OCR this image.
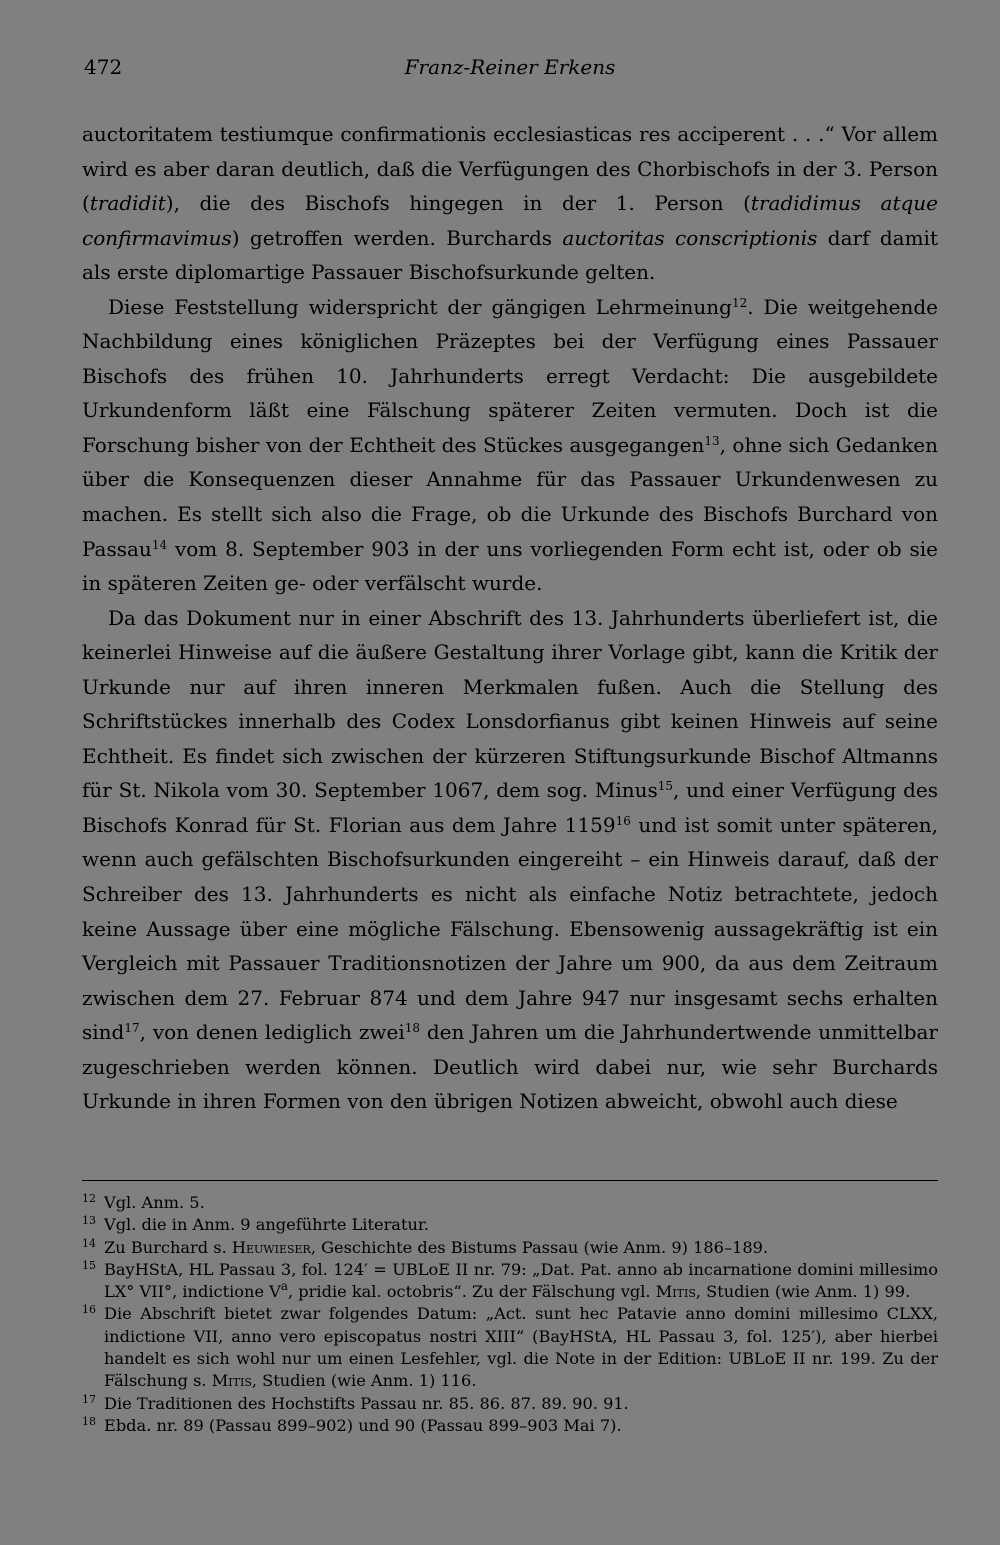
472	Franz-Reiner Erkens

auctoritatem testiumque confirmationis ecclesiasticas res acciperent . . .“ Vor allem wird es aber daran deutlich, daß die Verfügungen des Chorbischofs in der 3. Person (tradidit), die des Bischofs hingegen in der 1. Person (tradidimus atque confirmavimus) getroffen werden. Burchards auctoritas conscriptionis darf damit als erste diplomartige Passauer Bischofsurkunde gelten.

Diese Feststellung widerspricht der gängigen Lehrmeinung$^{12}$. Die weitgehende Nachbildung eines königlichen Präzeptes bei der Verfügung eines Passauer Bischofs des frühen 10. Jahrhunderts erregt Verdacht: Die ausgebildete Urkundenform läßt eine Fälschung späterer Zeiten vermuten. Doch ist die Forschung bisher von der Echtheit des Stückes ausgegangen$^{13}$, ohne sich Gedanken über die Konsequenzen dieser Annahme für das Passauer Urkundenwesen zu machen. Es stellt sich also die Frage, ob die Urkunde des Bischofs Burchard von Passau$^{14}$ vom 8. September 903 in der uns vorliegenden Form echt ist, oder ob sie in späteren Zeiten ge- oder verfälscht wurde.

Da das Dokument nur in einer Abschrift des 13. Jahrhunderts überliefert ist, die keinerlei Hinweise auf die äußere Gestaltung ihrer Vorlage gibt, kann die Kritik der Urkunde nur auf ihren inneren Merkmalen fußen. Auch die Stellung des Schriftstückes innerhalb des Codex Lonsdorfianus gibt keinen Hinweis auf seine Echtheit. Es findet sich zwischen der kürzeren Stiftungsurkunde Bischof Altmanns für St. Nikola vom 30. September 1067, dem sog. Minus$^{15}$, und einer Verfügung des Bischofs Konrad für St. Florian aus dem Jahre 1159$^{16}$ und ist somit unter späteren, wenn auch gefälschten Bischofsurkunden eingereiht – ein Hinweis darauf, daß der Schreiber des 13. Jahrhunderts es nicht als einfache Notiz betrachtete, jedoch keine Aussage über eine mögliche Fälschung. Ebensowenig aussagekräftig ist ein Vergleich mit Passauer Traditionsnotizen der Jahre um 900, da aus dem Zeitraum zwischen dem 27. Februar 874 und dem Jahre 947 nur insgesamt sechs erhalten sind$^{17}$, von denen lediglich zwei$^{18}$ den Jahren um die Jahrhundertwende unmittelbar zugeschrieben werden können. Deutlich wird dabei nur, wie sehr Burchards Urkunde in ihren Formen von den übrigen Notizen abweicht, obwohl auch diese

12 Vgl. Anm. 5.
13 Vgl. die in Anm. 9 angeführte Literatur.
14 Zu Burchard s. Heuwieser, Geschichte des Bistums Passau (wie Anm. 9) 186–189.
15 BayHStA, HL Passau 3, fol. 124′ = UBLoE II nr. 79: „Dat. Pat. anno ab incarnatione domini millesimo LX° VII°, indictione $V^a$, pridie kal. octobris“. Zu der Fälschung vgl. Mitis, Studien (wie Anm. 1) 99.
16 Die Abschrift bietet zwar folgendes Datum: „Act. sunt hec Patavie anno domini millesimo CLXX, indictione VII, anno vero episcopatus nostri XIII“ (BayHStA, HL Passau 3, fol. 125′), aber hierbei handelt es sich wohl nur um einen Lesfehler, vgl. die Note in der Edition: UBLoE II nr. 199. Zu der Fälschung s. Mitis, Studien (wie Anm. 1) 116.
17 Die Traditionen des Hochstifts Passau nr. 85. 86. 87. 89. 90. 91.
18 Ebda. nr. 89 (Passau 899–902) und 90 (Passau 899–903 Mai 7).
